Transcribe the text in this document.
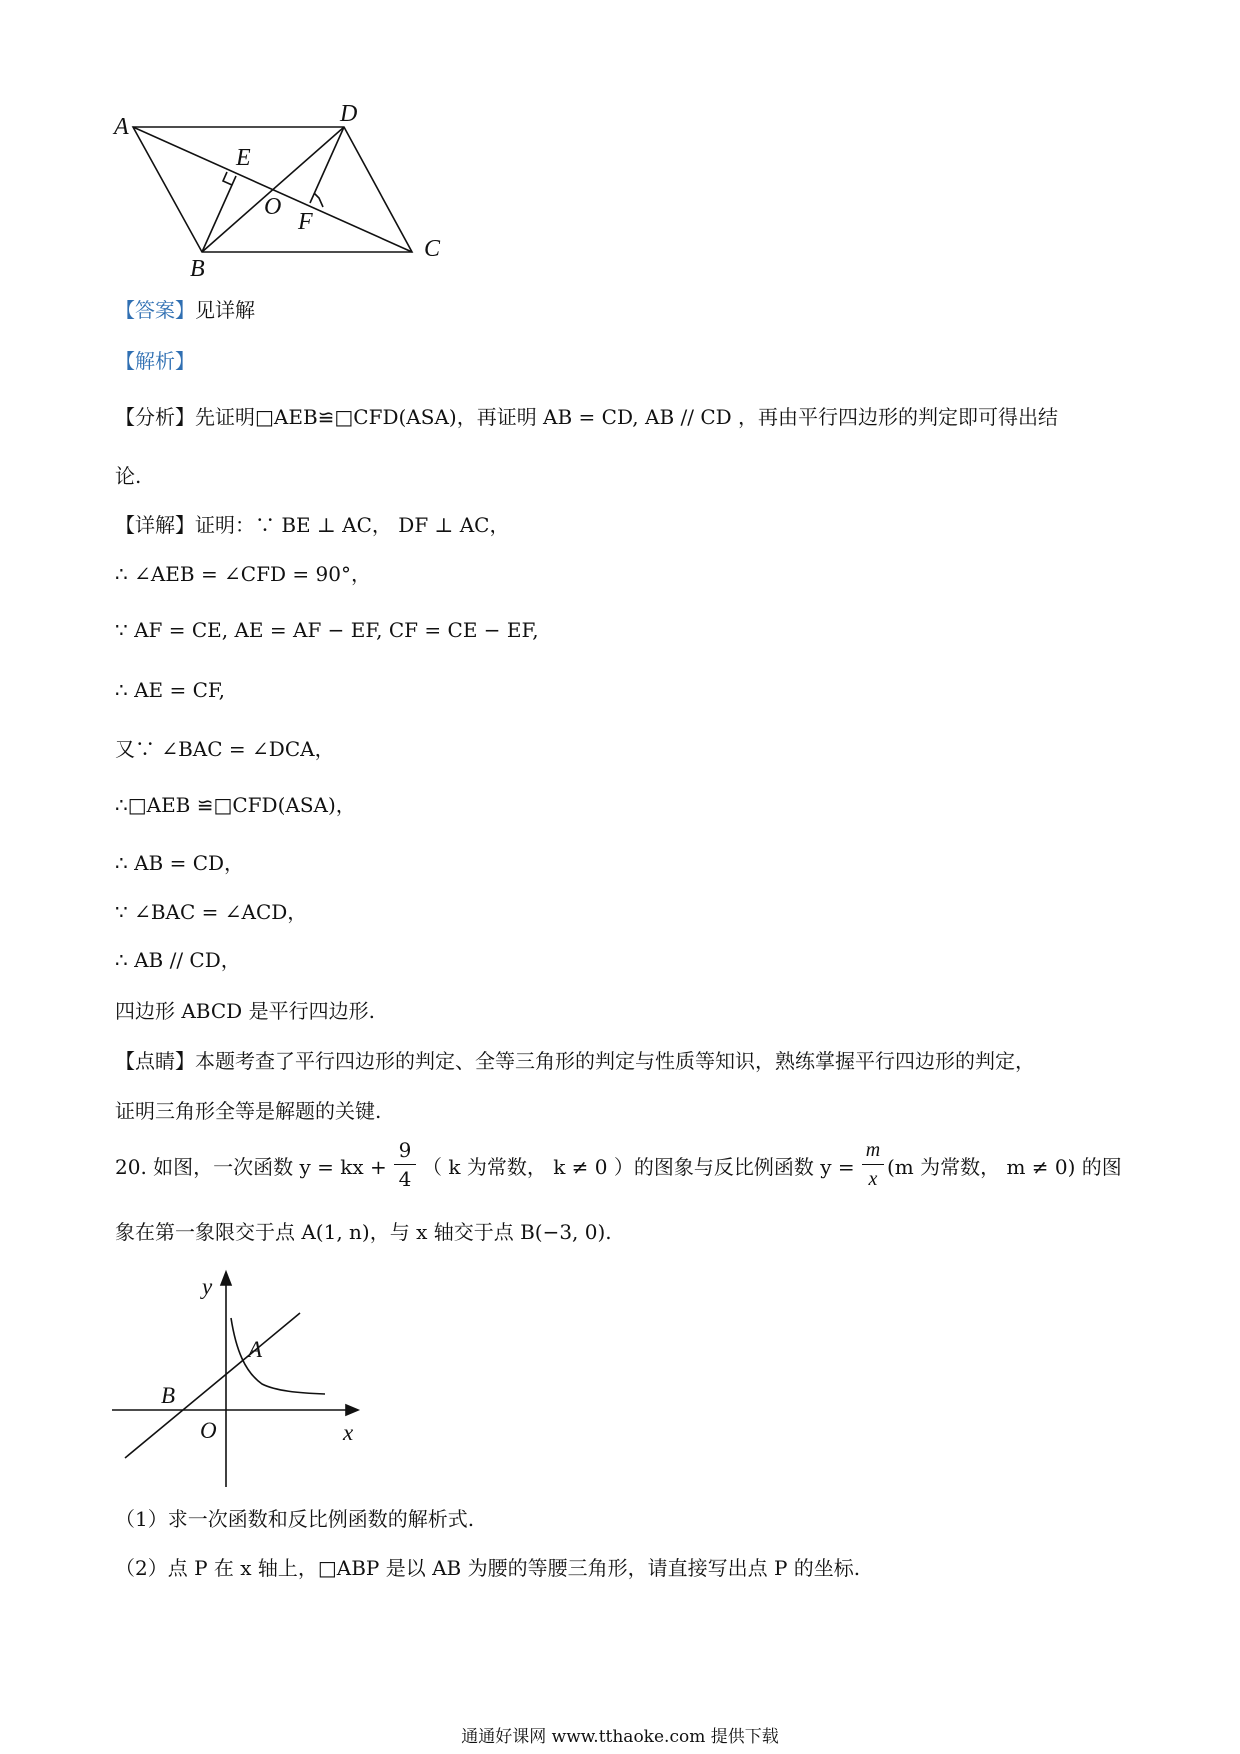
A	D
E
O
F
B
C
【答案】见详解
【解析】
【分析】先证明□AEB≌□CFD(ASA)，再证明 AB = CD, AB // CD ，再由平行四边形的判定即可得出结
论.
【详解】证明：∵ BE ⊥ AC， DF ⊥ AC，
∴ ∠AEB = ∠CFD = 90°，
∵ AF = CE, AE = AF − EF, CF = CE − EF,
∴ AE = CF,
又∵ ∠BAC = ∠DCA，
∴□AEB ≌□CFD(ASA)，
∴ AB = CD，
∵ ∠BAC = ∠ACD，
∴ AB // CD，
四边形 ABCD 是平行四边形.
【点睛】本题考查了平行四边形的判定、全等三角形的判定与性质等知识，熟练掌握平行四边形的判定，
证明三角形全等是解题的关键.
20. 如图，一次函数 y = kx +
9
4 （ k 为常数， k ≠ 0 ）的图象与反比例函数 y =
m
x (m 为常数， m ≠ 0) 的图
象在第一象限交于点 A(1, n)，与 x 轴交于点 B(−3, 0).
y
x
A
B
O
（1）求一次函数和反比例函数的解析式.
（2）点 P 在 x 轴上，□ABP 是以 AB 为腰的等腰三角形，请直接写出点 P 的坐标.
通通好课网 www.tthaoke.com 提供下载
